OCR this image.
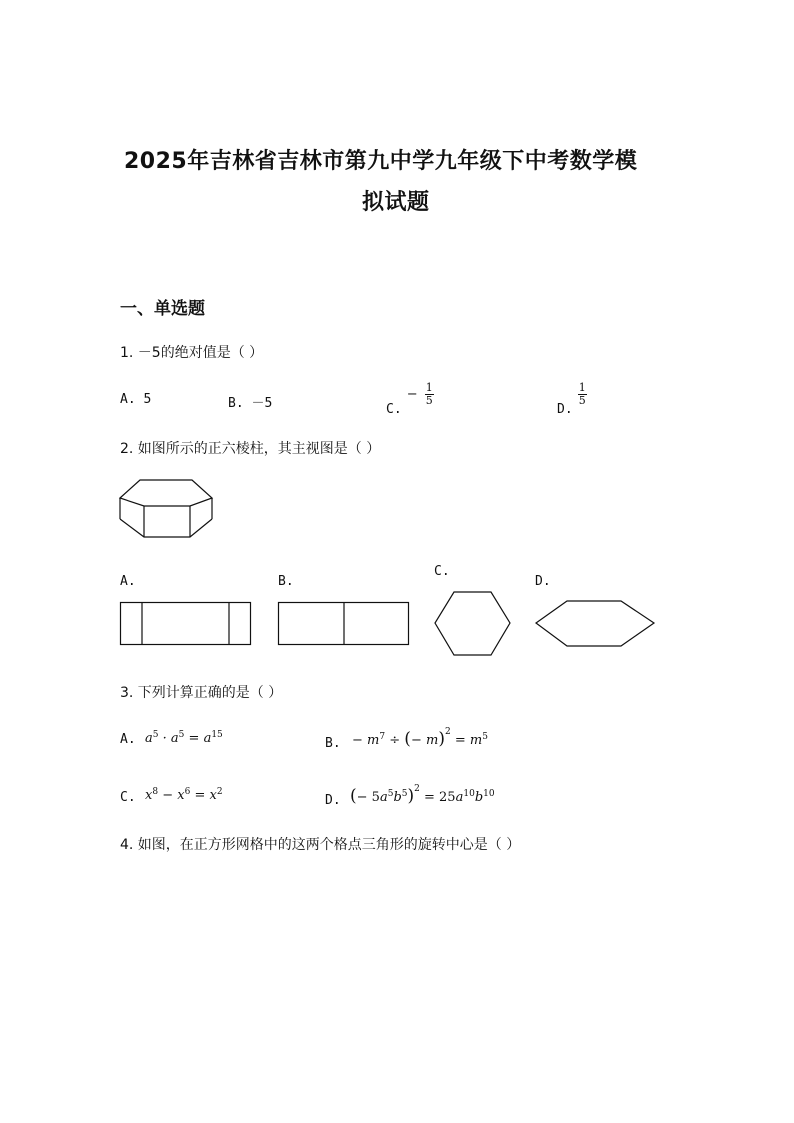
2025年吉林省吉林市第九中学九年级下中考数学模
拟试题
一、单选题
1. －5的绝对值是（ ）
A. 5	B. －5	$_{C.} - \frac{1}{5}$
$_{D.}$
$\frac{1}{5}$
2. 如图所示的正六棱柱，其主视图是（ ）
A.	B.
C.
D.
3. 下列计算正确的是（ ）
A. $a^5 \cdot a^5 = a^{15}$
B. − $m^7$ ÷ (− $m)^2 = m^5$
C. $x^8 - x^6 = x^2$
D. (− $5a^5b^5)^2 = 25a^{10}b^{10}$
4. 如图，在正方形网格中的这两个格点三角形的旋转中心是（ ）
